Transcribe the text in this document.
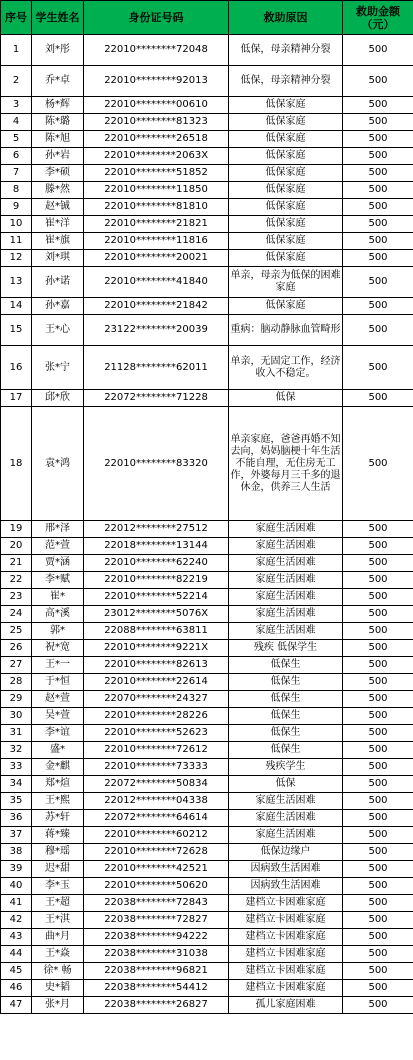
序号	学生姓名	身份证号码	救助原因	救助金额（元）
1	刘*彤	22010********72048	低保，母亲精神分裂	500
2	乔*卓	22010********92013	低保，母亲精神分裂	500
3	杨*辉	22010********00610	低保家庭	500
4	陈*璐	22010********81323	低保家庭	500
5	陈*旭	22010********26518	低保家庭	500
6	孙*岩	22010********2063X	低保家庭	500
7	李*硕	22010********51852	低保家庭	500
8	滕*然	22010********11850	低保家庭	500
9	赵*铖	22010********81810	低保家庭	500
10	崔*洋	22010********21821	低保家庭	500
11	崔*旗	22010********11816	低保家庭	500
12	刘*琪	22010********20021	低保家庭	500
13	孙*诺	22010********41840	单亲，母亲为低保的困难家庭	500
14	孙*嘉	22010********21842	低保家庭	500
15	王*心	23122********20039	重病：脑动静脉血管畸形	500
16	张*宁	21128********62011	单亲，无固定工作，经济收入不稳定。	500
17	邱*欣	22072********71228	低保	500
18	袁*鸿	22010********83320	单亲家庭，爸爸再婚不知去向，妈妈脑梗十年生活不能自理，无住房无工作，外婆每月三千多的退休金，供养三人生活	500
19	邢*泽	22012********27512	家庭生活困难	500
20	范*萱	22018********13144	家庭生活困难	500
21	贾*涵	22010********62240	家庭生活困难	500
22	李*赋	22010********82219	家庭生活困难	500
23	崔*	22010********52214	家庭生活困难	500
24	高*溪	23012********5076X	家庭生活困难	500
25	郭*	22088********63811	家庭生活困难	500
26	祝*宽	22010********9221X	残疾 低保学生	500
27	王*一	22010********82613	低保生	500
28	于*恒	22010********22614	低保生	500
29	赵*萱	22070********24327	低保生	500
30	吴*萱	22010********28226	低保生	500
31	李*谊	22010********52623	低保生	500
32	盛*	22010********72612	低保生	500
33	金*麒	22010********73333	残疾学生	500
34	郑*煊	22072********50834	低保	500
35	王*熙	22012********04338	家庭生活困难	500
36	苏*轩	22072********64614	家庭生活困难	500
37	蒋*臻	22010********60212	家庭生活困难	500
38	穆*瑶	22010********72628	低保边缘户	500
39	迟*甜	22010********42521	因病致生活困难	500
40	李*玉	22010********50620	因病致生活困难	500
41	王*超	22038********72843	建档立卡困难家庭	500
42	王*淇	22038********72827	建档立卡困难家庭	500
43	曲*月	22038********94222	建档立卡困难家庭	500
44	王*焱	22038********31038	建档立卡困难家庭	500
45	徐* 畅	22038********96821	建档立卡困难家庭	500
46	史*韬	22038********54412	建档立卡困难家庭	500
47	张*月	22038********26827	孤儿家庭困难	500
